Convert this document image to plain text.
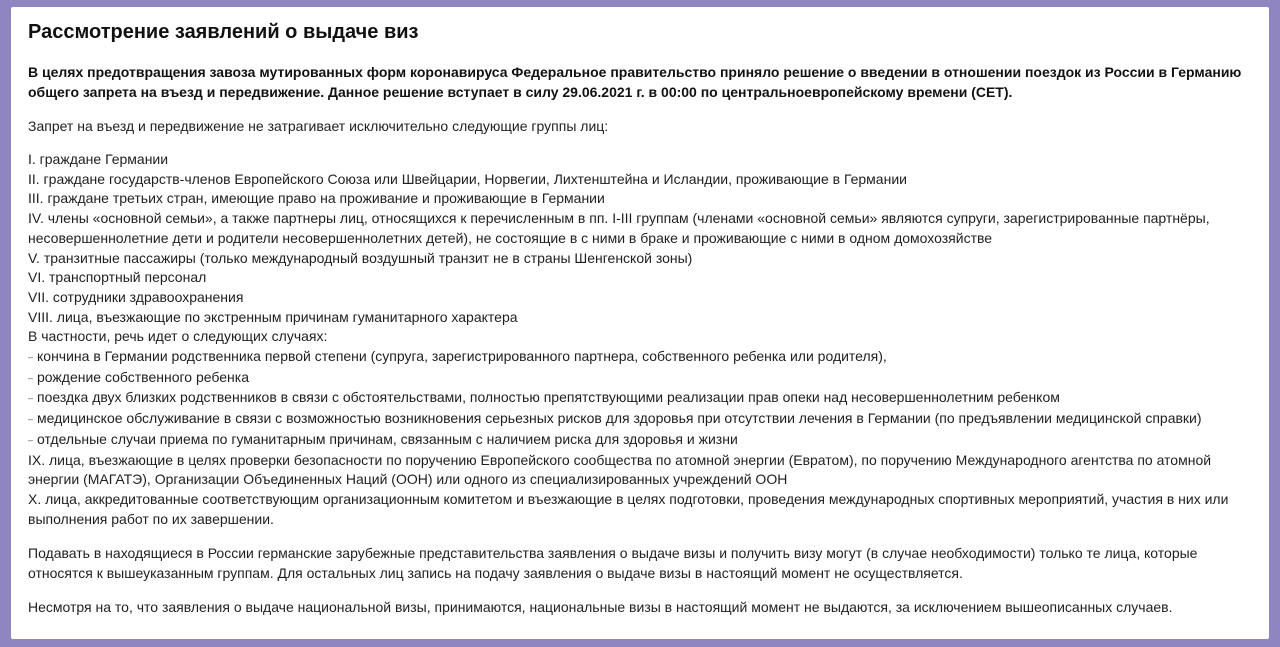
Рассмотрение заявлений о выдаче виз

В целях предотвращения завоза мутированных форм коронавируса Федеральное правительство приняло решение о введении в отношении поездок из России в Германию общего запрета на въезд и передвижение. Данное решение вступает в силу 29.06.2021 г. в 00:00 по центральноевропейскому времени (CET).

Запрет на въезд и передвижение не затрагивает исключительно следующие группы лиц:

I. граждане Германии
II. граждане государств-членов Европейского Союза или Швейцарии, Норвегии, Лихтенштейна и Исландии, проживающие в Германии
III. граждане третьих стран, имеющие право на проживание и проживающие в Германии
IV. члены «основной семьи», а также партнеры лиц, относящихся к перечисленным в пп. I-III группам (членами «основной семьи» являются супруги, зарегистрированные партнёры, несовершеннолетние дети и родители несовершеннолетних детей), не состоящие в с ними в браке и проживающие с ними в одном домохозяйстве
V. транзитные пассажиры (только международный воздушный транзит не в страны Шенгенской зоны)
VI. транспортный персонал
VII. сотрудники здравоохранения
VIII. лица, въезжающие по экстренным причинам гуманитарного характера
В частности, речь идет о следующих случаях:
– кончина в Германии родственника первой степени (супруга, зарегистрированного партнера, собственного ребенка или родителя),
– рождение собственного ребенка
– поездка двух близких родственников в связи с обстоятельствами, полностью препятствующими реализации прав опеки над несовершеннолетним ребенком
– медицинское обслуживание в связи с возможностью возникновения серьезных рисков для здоровья при отсутствии лечения в Германии (по предъявлении медицинской справки)
– отдельные случаи приема по гуманитарным причинам, связанным с наличием риска для здоровья и жизни
IX. лица, въезжающие в целях проверки безопасности по поручению Европейского сообщества по атомной энергии (Евратом), по поручению Международного агентства по атомной энергии (МАГАТЭ), Организации Объединенных Наций (ООН) или одного из специализированных учреждений ООН
X. лица, аккредитованные соответствующим организационным комитетом и въезжающие в целях подготовки, проведения международных спортивных мероприятий, участия в них или выполнения работ по их завершении.

Подавать в находящиеся в России германские зарубежные представительства заявления о выдаче визы и получить визу могут (в случае необходимости) только те лица, которые относятся к вышеуказанным группам. Для остальных лиц запись на подачу заявления о выдаче визы в настоящий момент не осуществляется.

Несмотря на то, что заявления о выдаче национальной визы, принимаются, национальные визы в настоящий момент не выдаются, за исключением вышеописанных случаев.
